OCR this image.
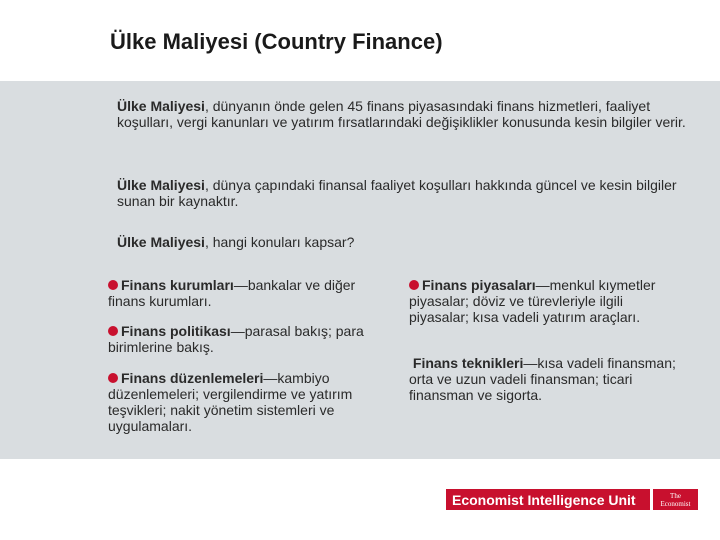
Ülke Maliyesi (Country Finance)
Ülke Maliyesi, dünyanın önde gelen 45 finans piyasasındaki finans hizmetleri, faaliyet koşulları, vergi kanunları ve yatırım fırsatlarındaki değişiklikler konusunda kesin bilgiler verir.
Ülke Maliyesi, dünya çapındaki finansal faaliyet koşulları hakkında güncel ve kesin bilgiler sunan bir kaynaktır.
Ülke Maliyesi, hangi konuları kapsar?
Finans kurumları—bankalar ve diğer finans kurumları.
Finans politikası—parasal bakış; para birimlerine bakış.
Finans düzenlemeleri—kambiyo düzenlemeleri; vergilendirme ve yatırım teşvikleri; nakit yönetim sistemleri ve uygulamaları.
Finans piyasaları—menkul kıymetler piyasalar; döviz ve türevleriyle ilgili piyasalar; kısa vadeli yatırım araçları.
Finans teknikleri—kısa vadeli finansman; orta ve uzun vadeli finansman; ticari finansman ve sigorta.
Economist Intelligence Unit	The
Economist
